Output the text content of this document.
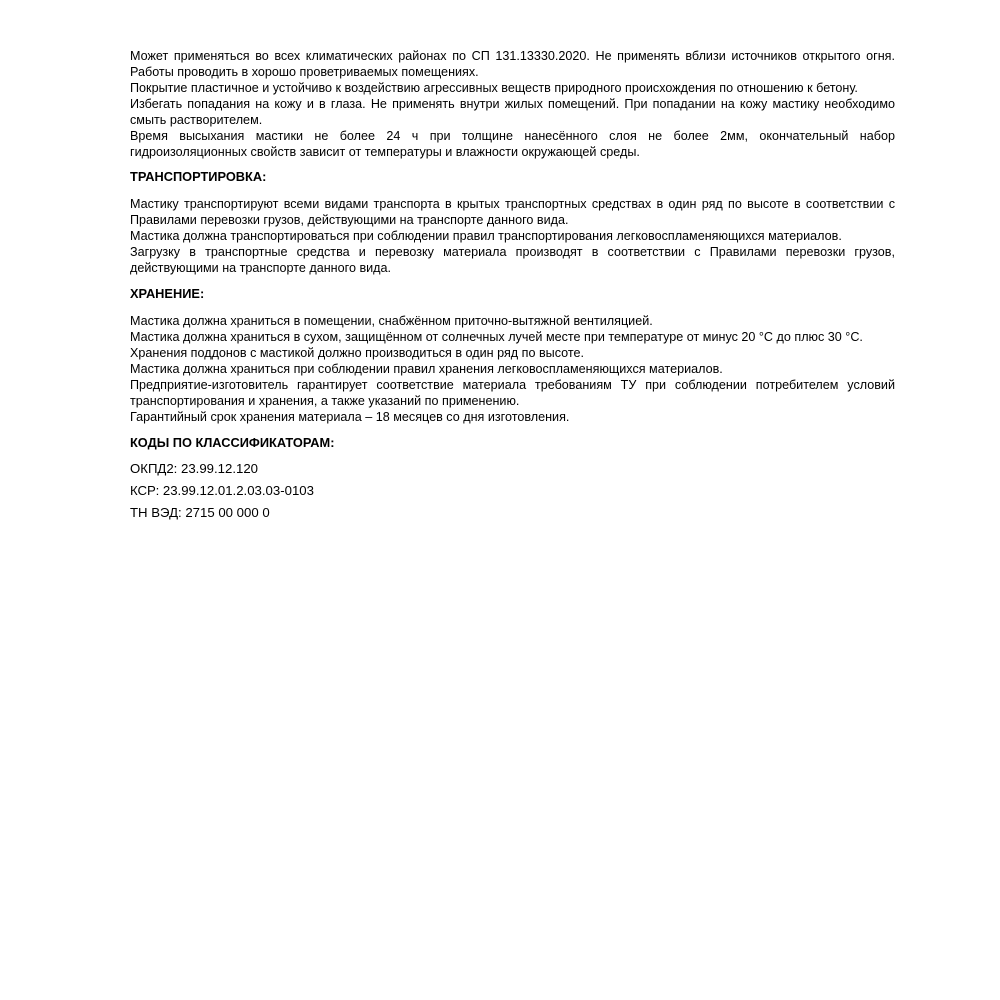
Может применяться во всех климатических районах по СП 131.13330.2020. Не применять вблизи источников открытого огня. Работы проводить в хорошо проветриваемых помещениях.

Покрытие пластичное и устойчиво к воздействию агрессивных веществ природного происхождения по отношению к бетону.

Избегать попадания на кожу и в глаза. Не применять внутри жилых помещений. При попадании на кожу мастику необходимо смыть растворителем.

Время высыхания мастики не более 24 ч при толщине нанесённого слоя не более 2мм, окончательный набор гидроизоляционных свойств зависит от температуры и влажности окружающей среды.

ТРАНСПОРТИРОВКА:

Мастику транспортируют всеми видами транспорта в крытых транспортных средствах в один ряд по высоте в соответствии с Правилами перевозки грузов, действующими на транспорте данного вида.

Мастика должна транспортироваться при соблюдении правил транспортирования легковоспламеняющихся материалов.

Загрузку в транспортные средства и перевозку материала производят в соответствии с Правилами перевозки грузов, действующими на транспорте данного вида.

ХРАНЕНИЕ:

Мастика должна храниться в помещении, снабжённом приточно-вытяжной вентиляцией.

Мастика должна храниться в сухом, защищённом от солнечных лучей месте при температуре от минус 20 °С до плюс 30 °С.

Хранения поддонов с мастикой должно производиться в один ряд по высоте.

Мастика должна храниться при соблюдении правил хранения легковоспламеняющихся материалов.

Предприятие-изготовитель гарантирует соответствие материала требованиям ТУ при соблюдении потребителем условий транспортирования и хранения, а также указаний по применению.

Гарантийный срок хранения материала – 18 месяцев со дня изготовления.

КОДЫ ПО КЛАССИФИКАТОРАМ:

ОКПД2: 23.99.12.120

КСР: 23.99.12.01.2.03.03-0103

ТН ВЭД: 2715 00 000 0
